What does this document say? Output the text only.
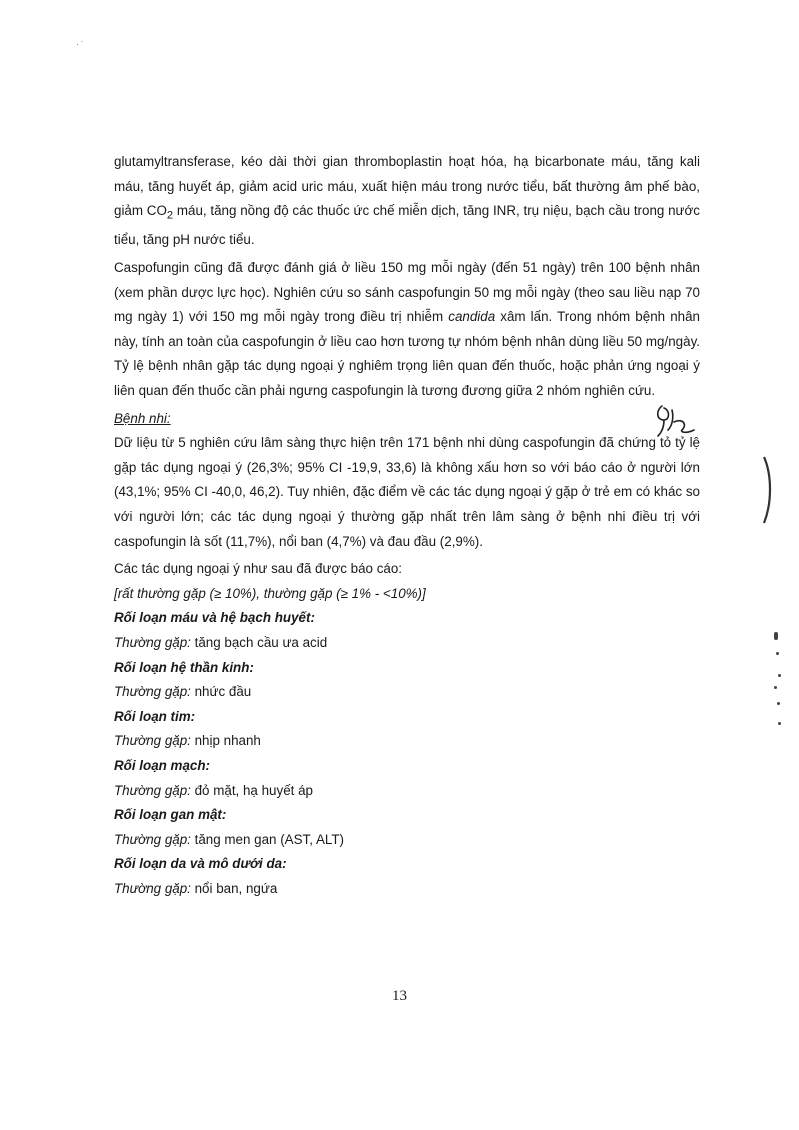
· ˙

glutamyltransferase, kéo dài thời gian thromboplastin hoạt hóa, hạ bicarbonate máu, tăng kali máu, tăng huyết áp, giảm acid uric máu, xuất hiện máu trong nước tiểu, bất thường âm phế bào, giảm $CO_2$ máu, tăng nồng độ các thuốc ức chế miễn dịch, tăng INR, trụ niệu, bạch cầu trong nước tiểu, tăng pH nước tiểu.

Caspofungin cũng đã được đánh giá ở liều 150 mg mỗi ngày (đến 51 ngày) trên 100 bệnh nhân (xem phần dược lực học). Nghiên cứu so sánh caspofungin 50 mg mỗi ngày (theo sau liều nạp 70 mg ngày 1) với 150 mg mỗi ngày trong điều trị nhiễm candida xâm lấn. Trong nhóm bệnh nhân này, tính an toàn của caspofungin ở liều cao hơn tương tự nhóm bệnh nhân dùng liều 50 mg/ngày. Tỷ lệ bệnh nhân gặp tác dụng ngoại ý nghiêm trọng liên quan đến thuốc, hoặc phản ứng ngoại ý liên quan đến thuốc cần phải ngưng caspofungin là tương đương giữa 2 nhóm nghiên cứu.

Bệnh nhi:

Dữ liệu từ 5 nghiên cứu lâm sàng thực hiện trên 171 bệnh nhi dùng caspofungin đã chứng tỏ tỷ lệ gặp tác dụng ngoại ý (26,3%; 95% CI -19,9, 33,6) là không xấu hơn so với báo cáo ở người lớn (43,1%; 95% CI -40,0, 46,2). Tuy nhiên, đặc điểm về các tác dụng ngoại ý gặp ở trẻ em có khác so với người lớn; các tác dụng ngoại ý thường gặp nhất trên lâm sàng ở bệnh nhi điều trị với caspofungin là sốt (11,7%), nổi ban (4,7%) và đau đầu (2,9%).

Các tác dụng ngoại ý như sau đã được báo cáo:

[rất thường gặp (≥ 10%), thường gặp (≥ 1% - <10%)]

Rối loạn máu và hệ bạch huyết:

Thường gặp: tăng bạch cầu ưa acid

Rối loạn hệ thần kinh:

Thường gặp: nhức đầu

Rối loạn tim:

Thường gặp: nhịp nhanh

Rối loạn mạch:

Thường gặp: đỏ mặt, hạ huyết áp

Rối loạn gan mật:

Thường gặp: tăng men gan (AST, ALT)

Rối loạn da và mô dưới da:

Thường gặp: nổi ban, ngứa

13
